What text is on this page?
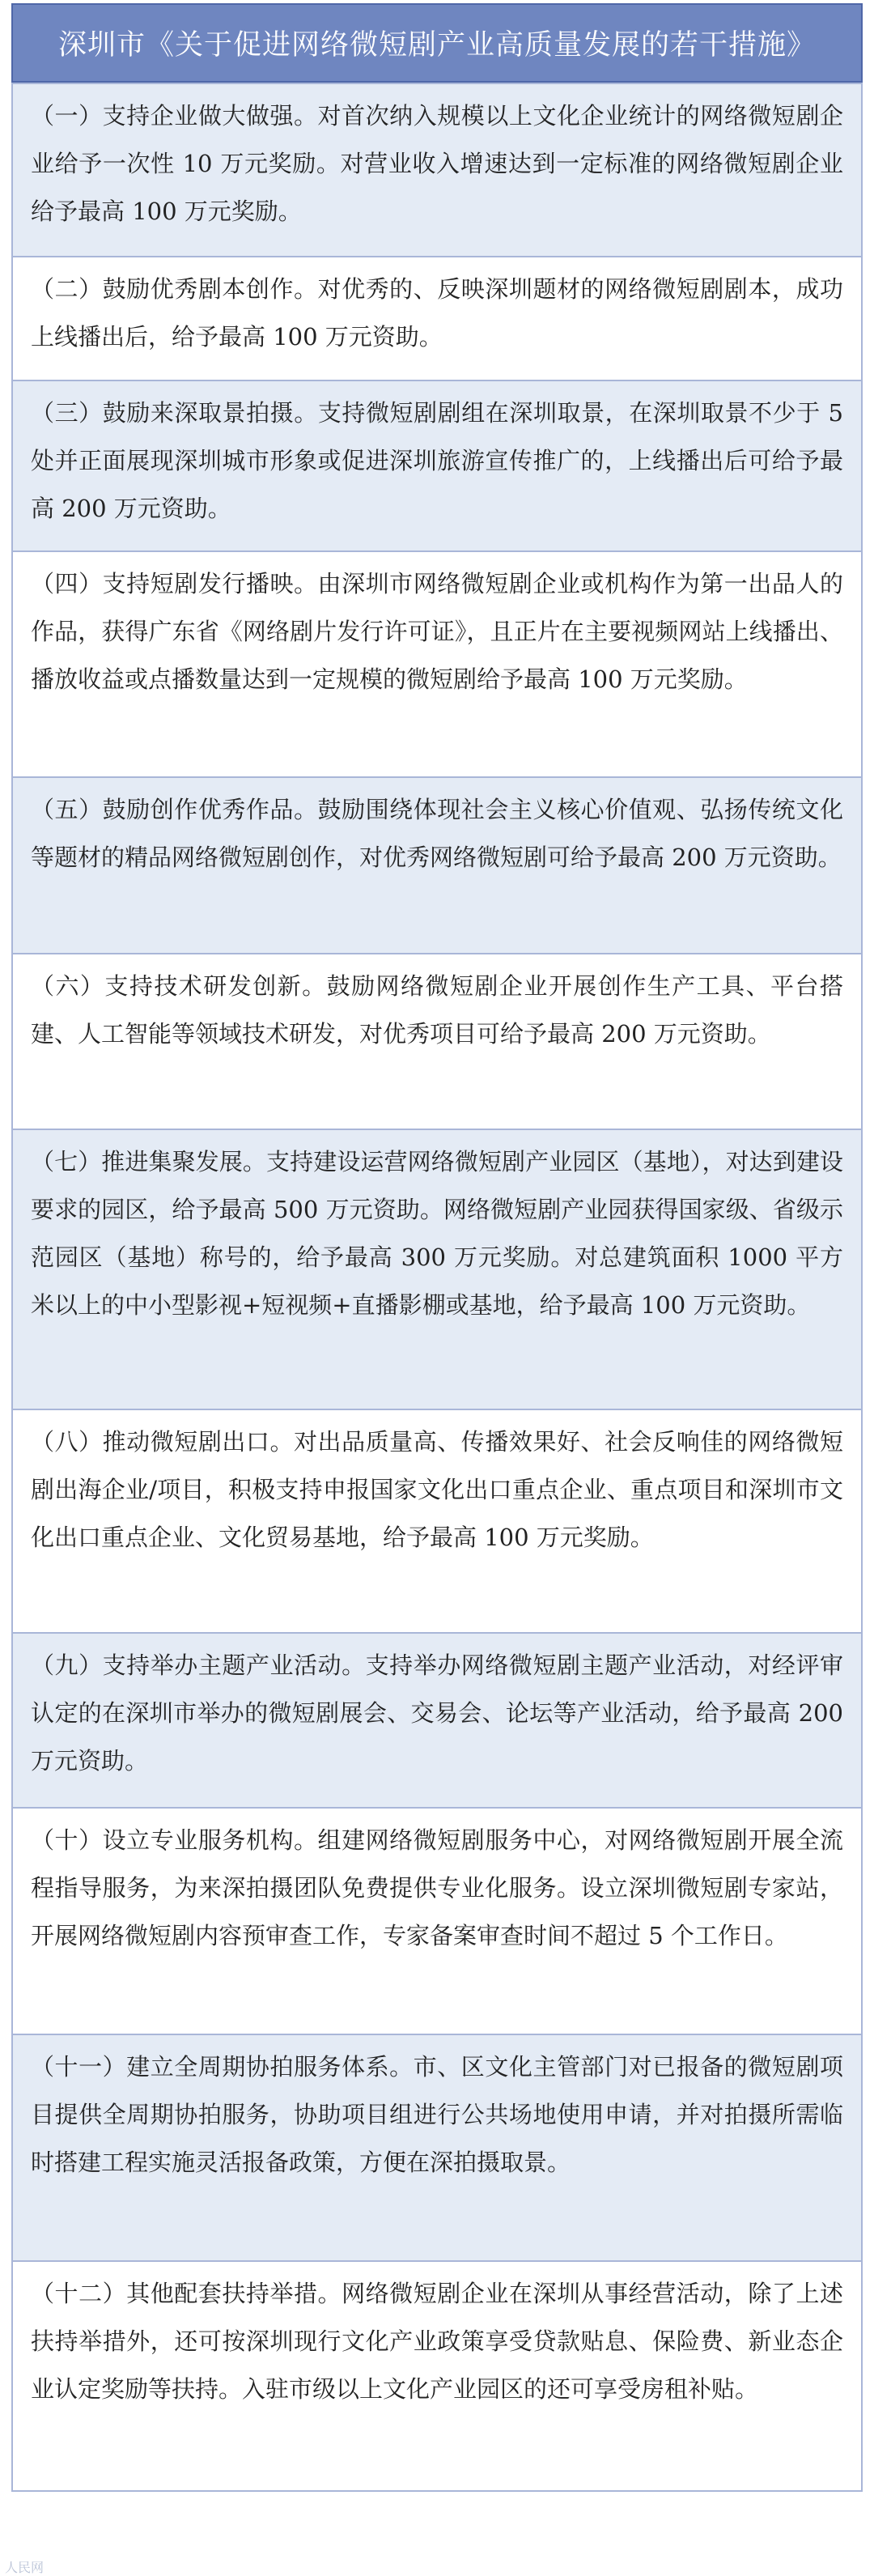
深圳市《关于促进网络微短剧产业高质量发展的若干措施》
（一）支持企业做大做强。对首次纳入规模以上文化企业统计的网络微短剧企业给予一次性 10 万元奖励。对营业收入增速达到一定标准的网络微短剧企业给予最高 100 万元奖励。
（二）鼓励优秀剧本创作。对优秀的、反映深圳题材的网络微短剧剧本，成功上线播出后，给予最高 100 万元资助。
（三）鼓励来深取景拍摄。支持微短剧剧组在深圳取景，在深圳取景不少于 5 处并正面展现深圳城市形象或促进深圳旅游宣传推广的，上线播出后可给予最高 200 万元资助。
（四）支持短剧发行播映。由深圳市网络微短剧企业或机构作为第一出品人的作品，获得广东省《网络剧片发行许可证》，且正片在主要视频网站上线播出、播放收益或点播数量达到一定规模的微短剧给予最高 100 万元奖励。
（五）鼓励创作优秀作品。鼓励围绕体现社会主义核心价值观、弘扬传统文化等题材的精品网络微短剧创作，对优秀网络微短剧可给予最高 200 万元资助。
（六）支持技术研发创新。鼓励网络微短剧企业开展创作生产工具、平台搭建、人工智能等领域技术研发，对优秀项目可给予最高 200 万元资助。
（七）推进集聚发展。支持建设运营网络微短剧产业园区（基地），对达到建设要求的园区，给予最高 500 万元资助。网络微短剧产业园获得国家级、省级示范园区（基地）称号的，给予最高 300 万元奖励。对总建筑面积 1000 平方米以上的中小型影视+短视频+直播影棚或基地，给予最高 100 万元资助。
（八）推动微短剧出口。对出品质量高、传播效果好、社会反响佳的网络微短剧出海企业/项目，积极支持申报国家文化出口重点企业、重点项目和深圳市文化出口重点企业、文化贸易基地，给予最高 100 万元奖励。
（九）支持举办主题产业活动。支持举办网络微短剧主题产业活动，对经评审认定的在深圳市举办的微短剧展会、交易会、论坛等产业活动，给予最高 200 万元资助。
（十）设立专业服务机构。组建网络微短剧服务中心，对网络微短剧开展全流程指导服务，为来深拍摄团队免费提供专业化服务。设立深圳微短剧专家站，开展网络微短剧内容预审查工作，专家备案审查时间不超过 5 个工作日。
（十一）建立全周期协拍服务体系。市、区文化主管部门对已报备的微短剧项目提供全周期协拍服务，协助项目组进行公共场地使用申请，并对拍摄所需临时搭建工程实施灵活报备政策，方便在深拍摄取景。
（十二）其他配套扶持举措。网络微短剧企业在深圳从事经营活动，除了上述扶持举措外，还可按深圳现行文化产业政策享受贷款贴息、保险费、新业态企业认定奖励等扶持。入驻市级以上文化产业园区的还可享受房租补贴。
人民网
